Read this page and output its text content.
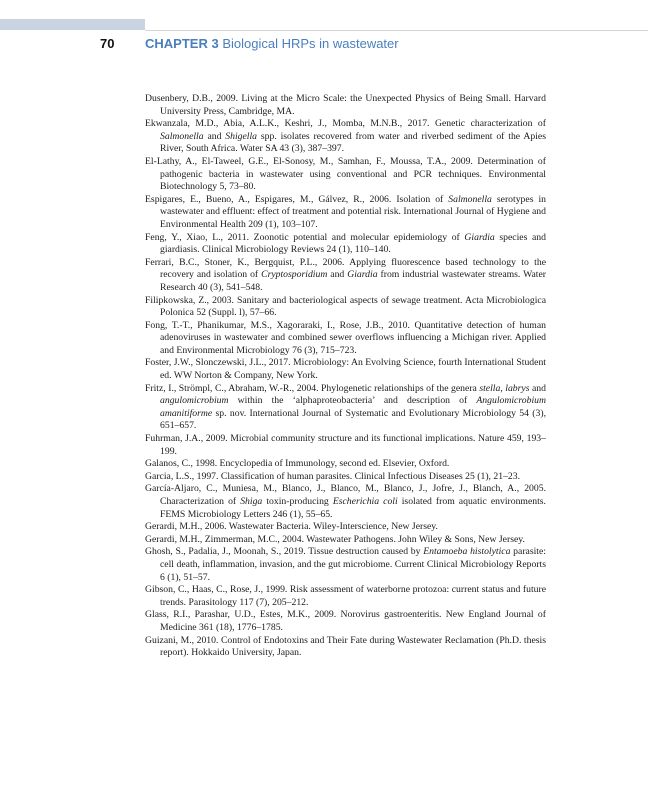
70 CHAPTER 3 Biological HRPs in wastewater

Dusenbery, D.B., 2009. Living at the Micro Scale: the Unexpected Physics of Being Small. Harvard University Press, Cambridge, MA.

Ekwanzala, M.D., Abia, A.L.K., Keshri, J., Momba, M.N.B., 2017. Genetic characterization of Salmonella and Shigella spp. isolates recovered from water and riverbed sediment of the Apies River, South Africa. Water SA 43 (3), 387–397.

El-Lathy, A., El-Taweel, G.E., El-Sonosy, M., Samhan, F., Moussa, T.A., 2009. Determination of pathogenic bacteria in wastewater using conventional and PCR techniques. Environmental Biotechnology 5, 73–80.

Espigares, E., Bueno, A., Espigares, M., Gálvez, R., 2006. Isolation of Salmonella serotypes in wastewater and effluent: effect of treatment and potential risk. International Journal of Hygiene and Environmental Health 209 (1), 103–107.

Feng, Y., Xiao, L., 2011. Zoonotic potential and molecular epidemiology of Giardia species and giardiasis. Clinical Microbiology Reviews 24 (1), 110–140.

Ferrari, B.C., Stoner, K., Bergquist, P.L., 2006. Applying fluorescence based technology to the recovery and isolation of Cryptosporidium and Giardia from industrial wastewater streams. Water Research 40 (3), 541–548.

Filipkowska, Z., 2003. Sanitary and bacteriological aspects of sewage treatment. Acta Microbiologica Polonica 52 (Suppl. l), 57–66.

Fong, T.-T., Phanikumar, M.S., Xagoraraki, I., Rose, J.B., 2010. Quantitative detection of human adenoviruses in wastewater and combined sewer overflows influencing a Michigan river. Applied and Environmental Microbiology 76 (3), 715–723.

Foster, J.W., Slonczewski, J.L., 2017. Microbiology: An Evolving Science, fourth International Student ed. WW Norton & Company, New York.

Fritz, I., Strömpl, C., Abraham, W.-R., 2004. Phylogenetic relationships of the genera stella, labrys and angulomicrobium within the ‘alphaproteobacteria’ and description of Angulomicrobium amanitiforme sp. nov. International Journal of Systematic and Evolutionary Microbiology 54 (3), 651–657.

Fuhrman, J.A., 2009. Microbial community structure and its functional implications. Nature 459, 193–199.

Galanos, C., 1998. Encyclopedia of Immunology, second ed. Elsevier, Oxford.

Garcia, L.S., 1997. Classification of human parasites. Clinical Infectious Diseases 25 (1), 21–23.

García-Aljaro, C., Muniesa, M., Blanco, J., Blanco, M., Blanco, J., Jofre, J., Blanch, A., 2005. Characterization of Shiga toxin-producing Escherichia coli isolated from aquatic environments. FEMS Microbiology Letters 246 (1), 55–65.

Gerardi, M.H., 2006. Wastewater Bacteria. Wiley-Interscience, New Jersey.

Gerardi, M.H., Zimmerman, M.C., 2004. Wastewater Pathogens. John Wiley & Sons, New Jersey.

Ghosh, S., Padalia, J., Moonah, S., 2019. Tissue destruction caused by Entamoeba histolytica parasite: cell death, inflammation, invasion, and the gut microbiome. Current Clinical Microbiology Reports 6 (1), 51–57.

Gibson, C., Haas, C., Rose, J., 1999. Risk assessment of waterborne protozoa: current status and future trends. Parasitology 117 (7), 205–212.

Glass, R.I., Parashar, U.D., Estes, M.K., 2009. Norovirus gastroenteritis. New England Journal of Medicine 361 (18), 1776–1785.

Guizani, M., 2010. Control of Endotoxins and Their Fate during Wastewater Reclamation (Ph.D. thesis report). Hokkaido University, Japan.
